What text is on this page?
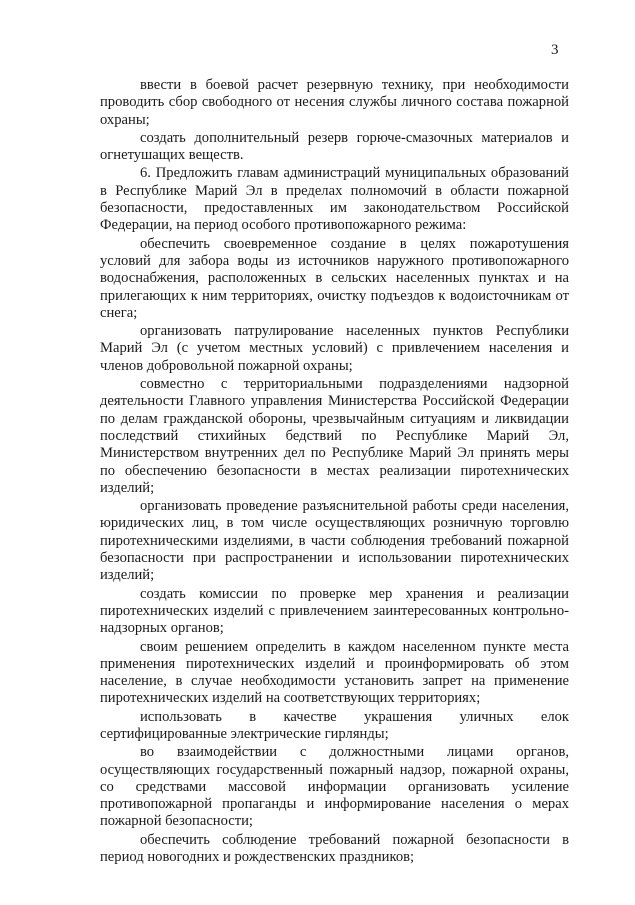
3

ввести в боевой расчет резервную технику, при необходимости проводить сбор свободного от несения службы личного состава пожарной охраны;

создать дополнительный резерв горюче-смазочных материалов и огнетушащих веществ.

6. Предложить главам администраций муниципальных образований в Республике Марий Эл в пределах полномочий в области пожарной безопасности, предоставленных им законодательством Российской Федерации, на период особого противопожарного режима:

обеспечить своевременное создание в целях пожаротушения условий для забора воды из источников наружного противопожарного водоснабжения, расположенных в сельских населенных пунктах и на прилегающих к ним территориях, очистку подъездов к водоисточникам от снега;

организовать патрулирование населенных пунктов Республики Марий Эл (с учетом местных условий) с привлечением населения и членов добровольной пожарной охраны;

совместно с территориальными подразделениями надзорной деятельности Главного управления Министерства Российской Федерации по делам гражданской обороны, чрезвычайным ситуациям и ликвидации последствий стихийных бедствий по Республике Марий Эл, Министерством внутренних дел по Республике Марий Эл принять меры по обеспечению безопасности в местах реализации пиротехнических изделий;

организовать проведение разъяснительной работы среди населения, юридических лиц, в том числе осуществляющих розничную торговлю пиротехническими изделиями, в части соблюдения требований пожарной безопасности при распространении и использовании пиротехнических изделий;

создать комиссии по проверке мер хранения и реализации пиротехнических изделий с привлечением заинтересованных контрольно-надзорных органов;

своим решением определить в каждом населенном пункте места применения пиротехнических изделий и проинформировать об этом население, в случае необходимости установить запрет на применение пиротехнических изделий на соответствующих территориях;

использовать в качестве украшения уличных елок сертифицированные электрические гирлянды;

во взаимодействии с должностными лицами органов, осуществляющих государственный пожарный надзор, пожарной охраны, со средствами массовой информации организовать усиление противопожарной пропаганды и информирование населения о мерах пожарной безопасности;

обеспечить соблюдение требований пожарной безопасности в период новогодних и рождественских праздников;
